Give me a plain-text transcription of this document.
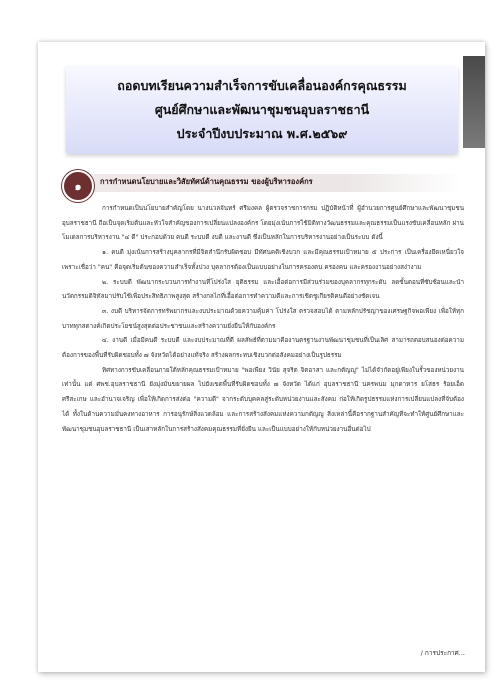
ถอดบทเรียนความสำเร็จการขับเคลื่อนองค์กรคุณธรรม
ศูนย์ศึกษาและพัฒนาชุมชนอุบลราชธานี
ประจำปีงบประมาณ พ.ศ.๒๕๖๙
๑	การกำหนดนโยบายและวิสัยทัศน์ด้านคุณธรรม ของผู้บริหารองค์กร

การกำหนดเป็นนโยบายสำคัญโดย นางนวลจันทร์ ศรีมงคล ผู้ตรวจราชการกรม ปฏิบัติหน้าที่ ผู้อำนวยการศูนย์ศึกษาและพัฒนาชุมชนอุบลราชธานี ถือเป็นจุดเริ่มต้นและหัวใจสำคัญของการเปลี่ยนแปลงองค์กร โดยมุ่งเน้นการใช้มิติทางวัฒนธรรมและคุณธรรมเป็นแรงขับเคลื่อนหลัก ผ่านโมเดลการบริหารงาน "๔ ดี" ประกอบด้วย คนดี ระบบดี งบดี และงานดี ซึ่งเป็นหลักในการบริหารงานอย่างเป็นระบบ ดังนี้

๑. คนดี มุ่งเน้นการสร้างบุคลากรที่มีจิตสำนึกรับผิดชอบ มีทัศนคติเชิงบวก และมีคุณธรรมเป้าหมาย ๕ ประการ เป็นเครื่องยึดเหนี่ยวใจ เพราะเชื่อว่า "คน" คือจุดเริ่มต้นของความสำเร็จทั้งปวง บุคลากรต้องเป็นแบบอย่างในการครองตน ครองคน และครองงานอย่างสง่างาม

๒. ระบบดี พัฒนากระบวนการทำงานที่โปร่งใส ยุติธรรม และเอื้อต่อการมีส่วนร่วมของบุคลากรทุกระดับ ลดขั้นตอนที่ซับซ้อนและนำนวัตกรรมดิจิทัลมาปรับใช้เพื่อประสิทธิภาพสูงสุด สร้างกลไกที่เอื้อต่อการทำความดีและการเชิดชูเกียรติคนดีอย่างชัดเจน

๓. งบดี บริหารจัดการทรัพยากรและงบประมาณด้วยความคุ้มค่า โปร่งใส ตรวจสอบได้ ตามหลักปรัชญาของเศรษฐกิจพอเพียง เพื่อให้ทุกบาททุกสตางค์เกิดประโยชน์สูงสุดต่อประชาชนและสร้างความยั่งยืนให้กับองค์กร

๔. งานดี เมื่อมีคนดี ระบบดี และงบประมาณที่ดี ผลลัพธ์ที่ตามมาคืองานตรฐานงานพัฒนาชุมชนที่เป็นเลิศ สามารถตอบสนองต่อความต้องการของพื้นที่รับผิดชอบทั้ง ๗ จังหวัดได้อย่างแท้จริง สร้างผลกระทบเชิงบวกต่อสังคมอย่างเป็นรูปธรรม

ทิศทางการขับเคลื่อนภายใต้หลักคุณธรรมเป้าหมาย "พอเพียง วินัย สุจริต จิตอาสา และกตัญญู" ไม่ได้จำกัดอยู่เพียงในรั้วของหน่วยงานเท่านั้น แต่ ศพช.อุบลราชธานี ยังมุ่งมั่นขยายผล ไปยังเขตพื้นที่รับผิดชอบทั้ง ๗ จังหวัด ได้แก่ อุบลราชธานี นครพนม มุกดาหาร ยโสธร ร้อยเอ็ด ศรีสะเกษ และอำนาจเจริญ เพื่อให้เกิดการส่งต่อ "ความดี" จากระดับบุคคลสู่ระดับหน่วยงานและสังคม ก่อให้เกิดรูปธรรมแห่งการเปลี่ยนแปลงที่จับต้องได้ ทั้งในด้านความมั่นคงทางอาหาร การอนุรักษ์สิ่งแวดล้อม และการสร้างสังคมแห่งความกตัญญู สิ่งเหล่านี้คือรากฐานสำคัญที่จะทำให้ศูนย์ศึกษาและพัฒนาชุมชนอุบลราชธานี เป็นเสาหลักในการสร้างสังคมคุณธรรมที่ยั่งยืน และเป็นแบบอย่างให้กับหน่วยงานอื่นต่อไป

/ การประกาศ...
